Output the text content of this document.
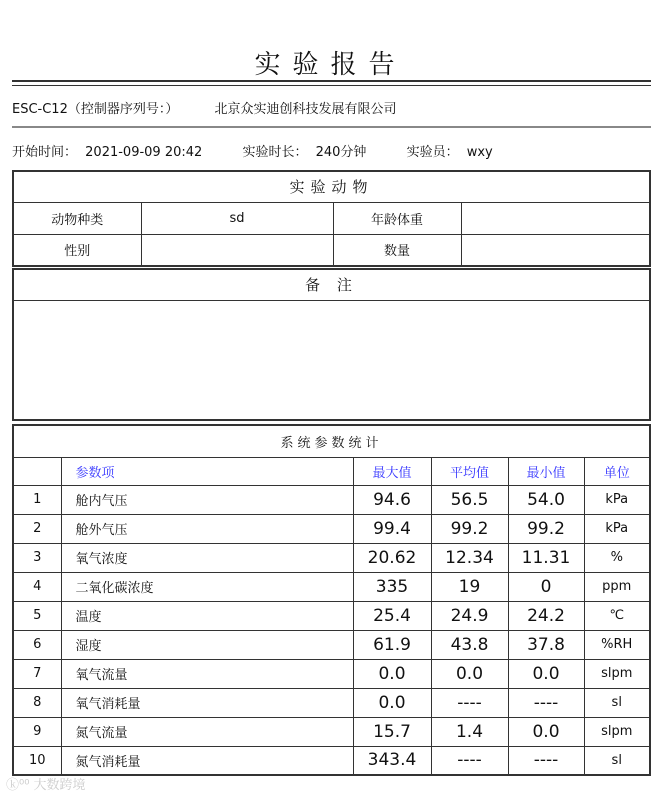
实验报告
ESC-C12（控制器序列号：）	北京众实迪创科技发展有限公司
开始时间： 2021-09-09 20:42	实验时长： 240分钟	实验员： wxy
实验动物			
动物种类	sd	年龄体重	
性别		数量	
备 注

系统参数统计					
	参数项	最大值	平均值	最小值	单位
1	舱内气压	94.6	56.5	54.0	kPa
2	舱外气压	99.4	99.2	99.2	kPa
3	氧气浓度	20.62	12.34	11.31	%
4	二氧化碳浓度	335	19	0	ppm
5	温度	25.4	24.9	24.2	℃
6	湿度	61.9	43.8	37.8	%RH
7	氧气流量	0.0	0.0	0.0	slpm
8	氧气消耗量	0.0	----	----	sl
9	氮气流量	15.7	1.4	0.0	slpm
10	氮气消耗量	343.4	----	----	sl
ⓚ⁰⁰ 大数跨境
